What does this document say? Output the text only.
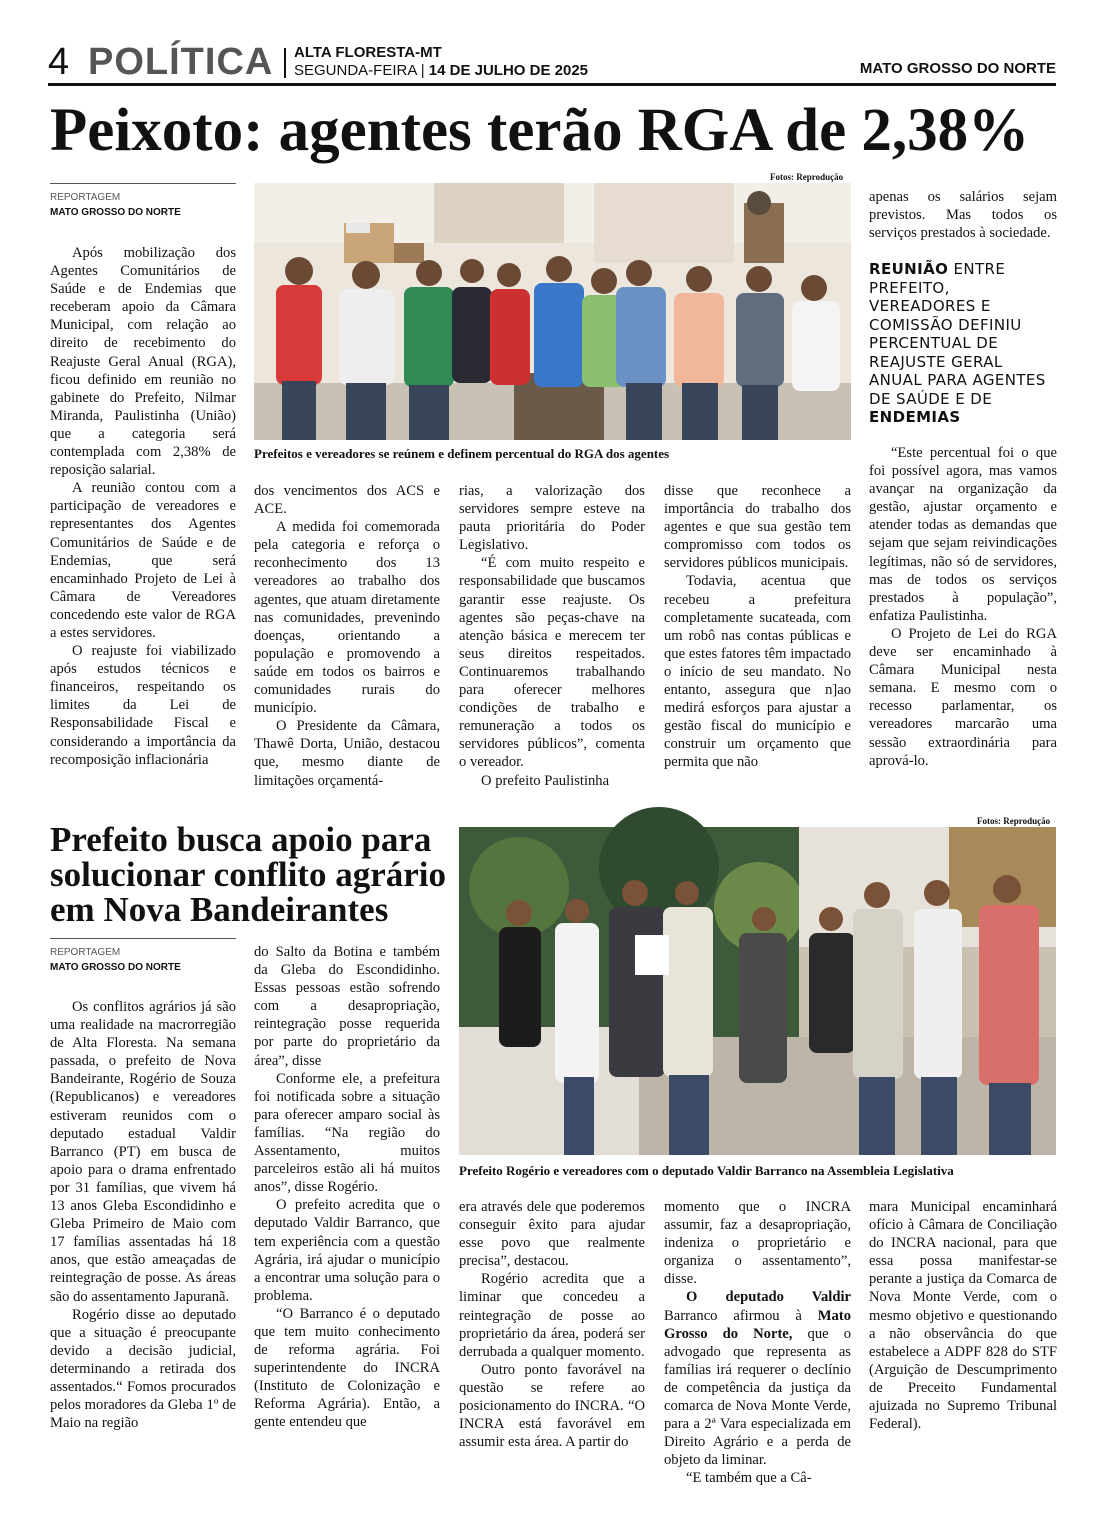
4 POLÍTICA ALTA FLORESTA-MT
SEGUNDA-FEIRA | 14 DE JULHO DE 2025	MATO GROSSO DO NORTE
Peixoto: agentes terão RGA de 2,38%
REPORTAGEM
MATO GROSSO DO NORTE

Após mobilização dos Agentes Comunitários de Saúde e de Endemias que receberam apoio da Câmara Municipal, com relação ao direito de recebimento do Reajuste Geral Anual (RGA), ficou definido em reunião no gabinete do Prefeito, Nilmar Miranda, Paulistinha (União) que a categoria será contemplada com 2,38% de reposição salarial.

A reunião contou com a participação de vereadores e representantes dos Agentes Comunitários de Saúde e de Endemias, que será encaminhado Projeto de Lei à Câmara de Vereadores concedendo este valor de RGA a estes servidores.

O reajuste foi viabilizado após estudos técnicos e financeiros, respeitando os limites da Lei de Responsabilidade Fiscal e considerando a importância da recomposição inflacionária

Fotos: Reprodução
Prefeitos e vereadores se reúnem e definem percentual do RGA dos agentes

dos vencimentos dos ACS e ACE.

A medida foi comemorada pela categoria e reforça o reconhecimento dos 13 vereadores ao trabalho dos agentes, que atuam diretamente nas comunidades, prevenindo doenças, orientando a população e promovendo a saúde em todos os bairros e comunidades rurais do município.

O Presidente da Câmara, Thawê Dorta, União, destacou que, mesmo diante de limitações orçamentá-

rias, a valorização dos servidores sempre esteve na pauta prioritária do Poder Legislativo.

“É com muito respeito e responsabilidade que buscamos garantir esse reajuste. Os agentes são peças-chave na atenção básica e merecem ter seus direitos respeitados. Continuaremos trabalhando para oferecer melhores condições de trabalho e remuneração a todos os servidores públicos”, comenta o vereador.

O prefeito Paulistinha

disse que reconhece a importância do trabalho dos agentes e que sua gestão tem compromisso com todos os servidores públicos municipais.

Todavia, acentua que recebeu a prefeitura completamente sucateada, com um robô nas contas públicas e que estes fatores têm impactado o início de seu mandato. No entanto, assegura que n]ao medirá esforços para ajustar a gestão fiscal do município e construir um orçamento que permita que não

apenas os salários sejam previstos. Mas todos os serviços prestados à sociedade.

REUNIÃO ENTRE PREFEITO, VEREADORES E COMISSÃO DEFINIU PERCENTUAL DE REAJUSTE GERAL ANUAL PARA AGENTES DE SAÚDE E DE ENDEMIAS

“Este percentual foi o que foi possível agora, mas vamos avançar na organização da gestão, ajustar orçamento e atender todas as demandas que sejam que sejam reivindicações legítimas, não só de servidores, mas de todos os serviços prestados à população”, enfatiza Paulistinha.

O Projeto de Lei do RGA deve ser encaminhado à Câmara Municipal nesta semana. E mesmo com o recesso parlamentar, os vereadores marcarão uma sessão extraordinária para aprová-lo.

Prefeito busca apoio para solucionar conflito agrário em Nova Bandeirantes
REPORTAGEM
MATO GROSSO DO NORTE

Os conflitos agrários já são uma realidade na macrorregião de Alta Floresta. Na semana passada, o prefeito de Nova Bandeirante, Rogério de Souza (Republicanos) e vereadores estiveram reunidos com o deputado estadual Valdir Barranco (PT) em busca de apoio para o drama enfrentado por 31 famílias, que vivem há 13 anos Gleba Escondidinho e Gleba Primeiro de Maio com 17 famílias assentadas há 18 anos, que estão ameaçadas de reintegração de posse. As áreas são do assentamento Japuranã.

Rogério disse ao deputado que a situação é preocupante devido a decisão judicial, determinando a retirada dos assentados.“ Fomos procurados pelos moradores da Gleba 1º de Maio na região

do Salto da Botina e também da Gleba do Escondidinho. Essas pessoas estão sofrendo com a desapropriação, reintegração posse requerida por parte do proprietário da área”, disse

Conforme ele, a prefeitura foi notificada sobre a situação para oferecer amparo social às famílias. “Na região do Assentamento, muitos parceleiros estão ali há muitos anos”, disse Rogério.

O prefeito acredita que o deputado Valdir Barranco, que tem experiência com a questão Agrária, irá ajudar o município a encontrar uma solução para o problema.

“O Barranco é o deputado que tem muito conhecimento de reforma agrária. Foi superintendente do INCRA (Instituto de Colonização e Reforma Agrária). Então, a gente entendeu que

Fotos: Reprodução
Prefeito Rogério e vereadores com o deputado Valdir Barranco na Assembleia Legislativa

era através dele que poderemos conseguir êxito para ajudar esse povo que realmente precisa”, destacou.

Rogério acredita que a liminar que concedeu a reintegração de posse ao proprietário da área, poderá ser derrubada a qualquer momento.

Outro ponto favorável na questão se refere ao posicionamento do INCRA. “O INCRA está favorável em assumir esta área. A partir do

momento que o INCRA assumir, faz a desapropriação, indeniza o proprietário e organiza o assentamento”, disse.

O deputado Valdir Barranco afirmou à Mato Grosso do Norte, que o advogado que representa as famílias irá requerer o declínio de competência da justiça da comarca de Nova Monte Verde, para a 2ª Vara especializada em Direito Agrário e a perda de objeto da liminar.

“E também que a Câ-

mara Municipal encaminhará ofício à Câmara de Conciliação do INCRA nacional, para que essa possa manifestar-se perante a justiça da Comarca de Nova Monte Verde, com o mesmo objetivo e questionando a não observância do que estabelece a ADPF 828 do STF (Arguição de Descumprimento de Preceito Fundamental ajuizada no Supremo Tribunal Federal).
